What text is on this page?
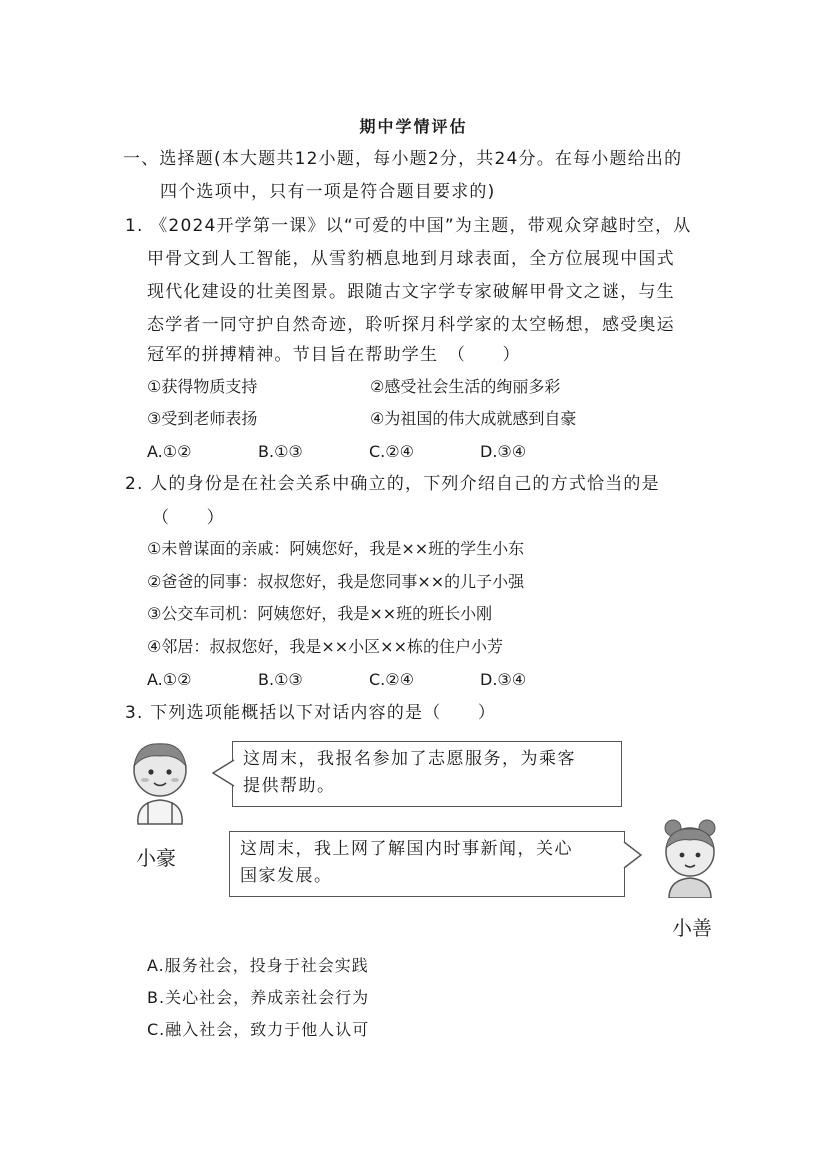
期中学情评估
一、选择题(本大题共12小题，每小题2分，共24分。在每小题给出的
四个选项中，只有一项是符合题目要求的)
1. 《2024开学第一课》以“可爱的中国”为主题，带观众穿越时空，从
甲骨文到人工智能，从雪豹栖息地到月球表面，全方位展现中国式
现代化建设的壮美图景。跟随古文字学专家破解甲骨文之谜，与生
态学者一同守护自然奇迹，聆听探月科学家的太空畅想，感受奥运
冠军的拼搏精神。节目旨在帮助学生　（　　）
①获得物质支持	②感受社会生活的绚丽多彩
③受到老师表扬	④为祖国的伟大成就感到自豪
A.①②	B.①③	C.②④	D.③④
2. 人的身份是在社会关系中确立的，下列介绍自己的方式恰当的是
（　　）
①未曾谋面的亲戚：阿姨您好，我是××班的学生小东
②爸爸的同事：叔叔您好，我是您同事××的儿子小强
③公交车司机：阿姨您好，我是××班的班长小刚
④邻居：叔叔您好，我是××小区××栋的住户小芳
A.①②	B.①③	C.②④	D.③④
3. 下列选项能概括以下对话内容的是（　　）
这周末，我报名参加了志愿服务，为乘客
提供帮助。
小豪	这周末，我上网了解国内时事新闻，关心
国家发展。
小善
A.服务社会，投身于社会实践
B.关心社会，养成亲社会行为
C.融入社会，致力于他人认可
